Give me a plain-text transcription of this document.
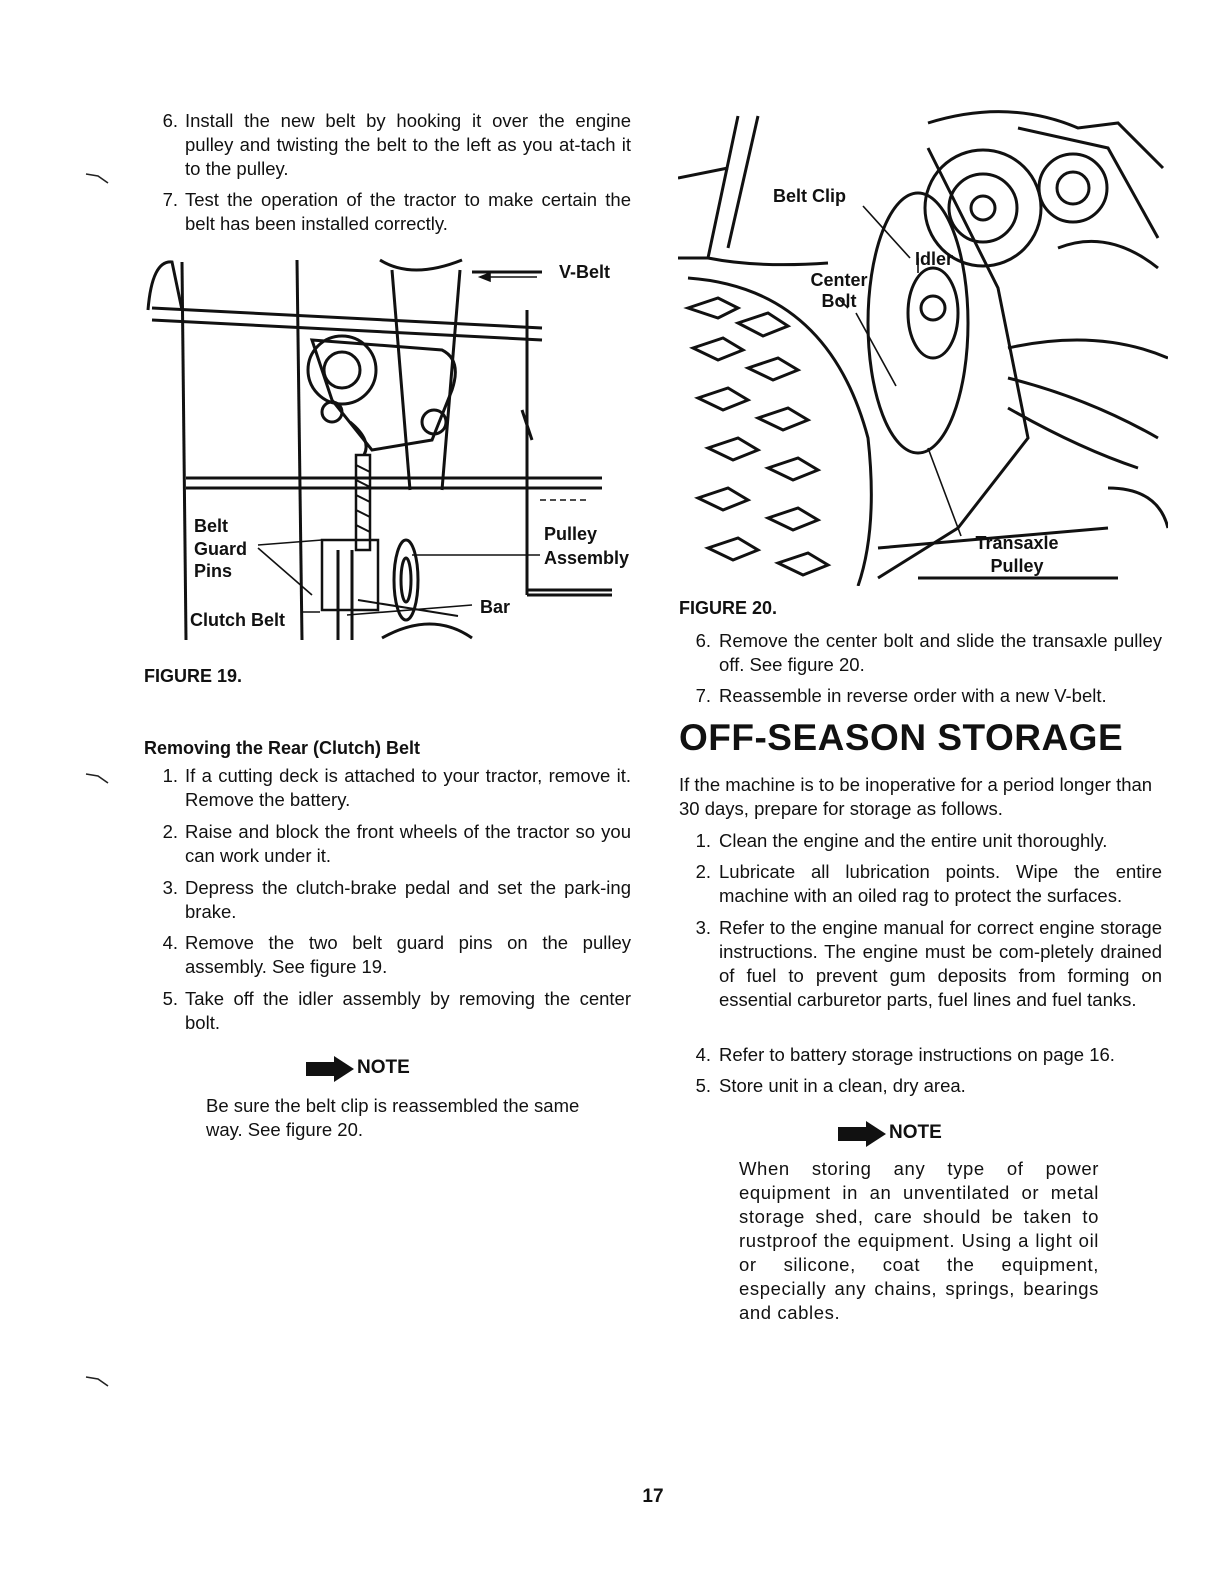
6. Install the new belt by hooking it over the engine pulley and twisting the belt to the left as you at-tach it to the pulley.
7. Test the operation of the tractor to make certain the belt has been installed correctly.
V-Belt
Belt Guard Pins
Pulley Assembly
Clutch Belt
Bar
FIGURE 19.
Removing the Rear (Clutch) Belt
1. If a cutting deck is attached to your tractor, remove it. Remove the battery.
2. Raise and block the front wheels of the tractor so you can work under it.
3. Depress the clutch-brake pedal and set the park-ing brake.
4. Remove the two belt guard pins on the pulley assembly. See figure 19.
5. Take off the idler assembly by removing the center bolt.
NOTE
Be sure the belt clip is reassembled the same way. See figure 20.
Belt Clip
Idler
Center Bolt
Transaxle Pulley
FIGURE 20.
6. Remove the center bolt and slide the transaxle pulley off. See figure 20.
7. Reassemble in reverse order with a new V-belt.
OFF-SEASON STORAGE
If the machine is to be inoperative for a period longer than 30 days, prepare for storage as follows.
1. Clean the engine and the entire unit thoroughly.
2. Lubricate all lubrication points. Wipe the entire machine with an oiled rag to protect the surfaces.
3. Refer to the engine manual for correct engine storage instructions. The engine must be com-pletely drained of fuel to prevent gum deposits from forming on essential carburetor parts, fuel lines and fuel tanks.
4. Refer to battery storage instructions on page 16.
5. Store unit in a clean, dry area.
NOTE
When storing any type of power equipment in an unventilated or metal storage shed, care should be taken to rustproof the equipment. Using a light oil or silicone, coat the equipment, especially any chains, springs, bearings and cables.
17
